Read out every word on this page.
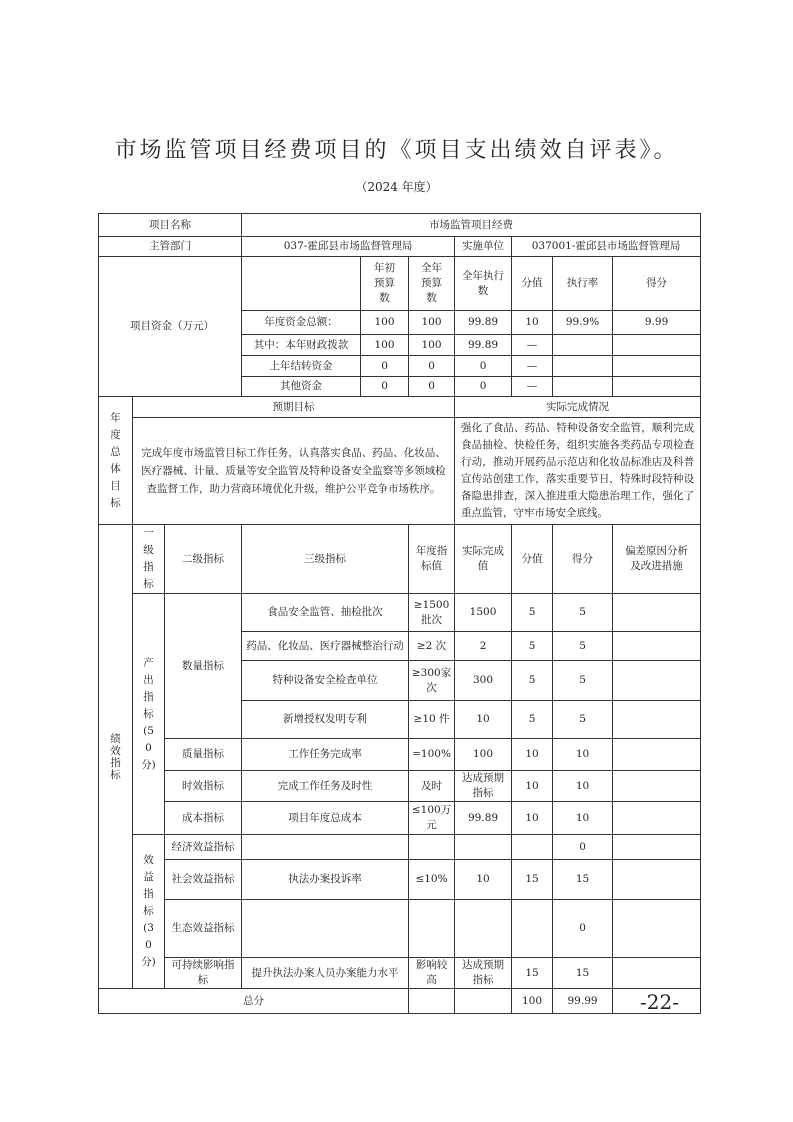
市场监管项目经费项目的《项目支出绩效自评表》。
（2024 年度）
项目名称			市场监管项目经费						
主管部门			037-霍邱县市场监督管理局			实施单位	037001-霍邱县市场监督管理局		

项目资金（万元）				年初预算数	全年预算数	全年执行数	分值	执行率	得分
			年度资金总额：	100	100	99.89	10	99.9%	9.99
			其中：本年财政拨款	100	100	99.89	—		
			上年结转资金	0	0	0	—		
			其他资金	0	0	0	—		

年度总体目标	预期目标					实际完成情况			
	完成年度市场监管目标工作任务，认真落实食品、药品、化妆品、医疗器械、计量、质量等安全监管及特种设备安全监察等多领域检查监督工作，助力营商环境优化升级，维护公平竞争市场秩序。					强化了食品、药品、特种设备安全监管，顺利完成食品抽检、快检任务，组织实施各类药品专项检查行动，推动开展药品示范店和化妆品标准店及科普宣传站创建工作，落实重要节日，特殊时段特种设备隐患排查，深入推进重大隐患治理工作，强化了重点监管，守牢市场安全底线。			

绩效指标	一级指标	二级指标	三级指标		年度指标值	实际完成值	分值	得分	偏差原因分析及改进措施

	产出指标(50分)	数量指标	食品安全监管、抽检批次		≥1500批次	1500	5	5	
			药品、化妆品、医疗器械整治行动		≥2 次	2	5	5	
			特种设备安全检查单位		≥300家次	300	5	5	
			新增授权发明专利		≥10 件	10	5	5	
		质量指标	工作任务完成率		=100%	100	10	10	
		时效指标	完成工作任务及时性		及时	达成预期指标	10	10	
		成本指标	项目年度总成本		≤100万元	99.89	10	10	

	效益指标(30分)	经济效益指标						0	
		社会效益指标	执法办案投诉率		≤10%	10	15	15	
		生态效益指标						0	
		可持续影响指标	提升执法办案人员办案能力水平		影响较高	达成预期指标	15	15	
总分							100	99.99	-22-
